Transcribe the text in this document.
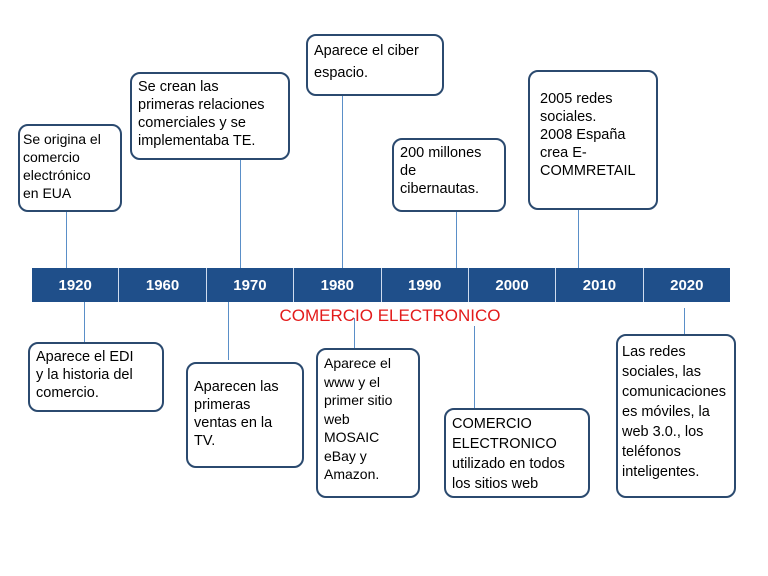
1920	1960	1970	1980	1990	2000	2010	2020
COMERCIO ELECTRONICO
Se origina el
comercio
electrónico
en EUA
Se crean las
primeras relaciones
comerciales y se
implementaba TE.
Aparece el ciber
espacio.
200 millones
de
cibernautas.
2005 redes
sociales.
2008 España
crea E-
COMMRETAIL
Aparece el EDI
y la historia del
comercio.	Aparecen las
primeras
ventas en la
TV.
Aparece el
www y el
primer sitio
web
MOSAIC
eBay y
Amazon.
COMERCIO
ELECTRONICO
utilizado en todos
los sitios web
Las redes
sociales, las
comunicaciones
es móviles, la
web 3.0., los
teléfonos
inteligentes.
